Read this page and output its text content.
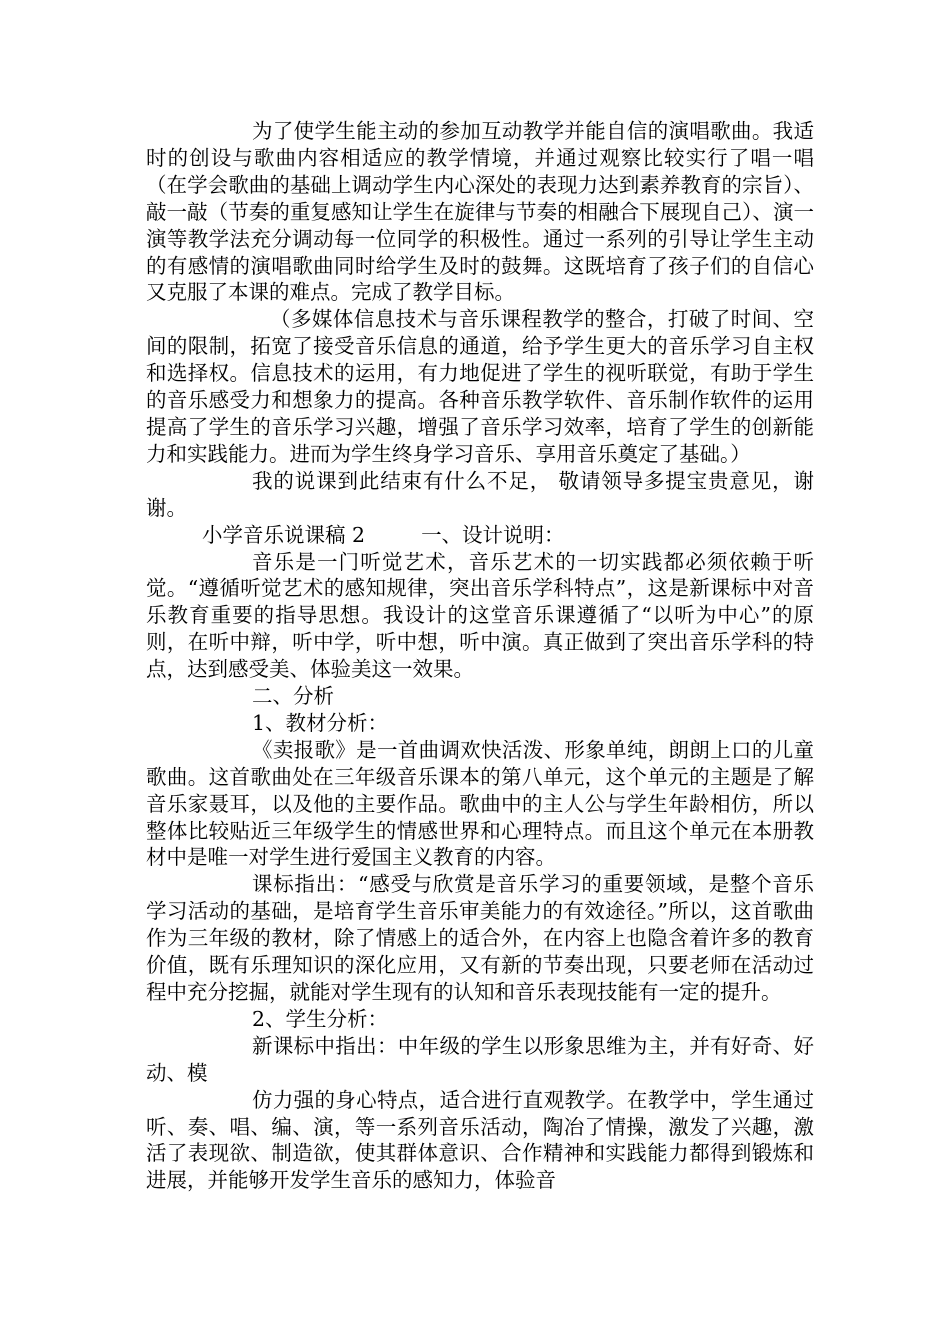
为了使学生能主动的参加互动教学并能自信的演唱歌曲。我适时的创设与歌曲内容相适应的教学情境，并通过观察比较实行了唱一唱（在学会歌曲的基础上调动学生内心深处的表现力达到素养教育的宗旨）、敲一敲（节奏的重复感知让学生在旋律与节奏的相融合下展现自己）、演一演等教学法充分调动每一位同学的积极性。通过一系列的引导让学生主动的有感情的演唱歌曲同时给学生及时的鼓舞。这既培育了孩子们的自信心又克服了本课的难点。完成了教学目标。

（多媒体信息技术与音乐课程教学的整合，打破了时间、空间的限制，拓宽了接受音乐信息的通道，给予学生更大的音乐学习自主权和选择权。信息技术的运用，有力地促进了学生的视听联觉，有助于学生的音乐感受力和想象力的提高。各种音乐教学软件、音乐制作软件的运用提高了学生的音乐学习兴趣，增强了音乐学习效率，培育了学生的创新能力和实践能力。进而为学生终身学习音乐、享用音乐奠定了基础。）

我的说课到此结束有什么不足， 敬请领导多提宝贵意见，谢谢。

小学音乐说课稿 2	一、设计说明：

音乐是一门听觉艺术，音乐艺术的一切实践都必须依赖于听觉。“遵循听觉艺术的感知规律，突出音乐学科特点”，这是新课标中对音乐教育重要的指导思想。我设计的这堂音乐课遵循了“以听为中心”的原则，在听中辩，听中学，听中想，听中演。真正做到了突出音乐学科的特点，达到感受美、体验美这一效果。

二、分析

1、教材分析：

《卖报歌》是一首曲调欢快活泼、形象单纯，朗朗上口的儿童歌曲。这首歌曲处在三年级音乐课本的第八单元，这个单元的主题是了解音乐家聂耳，以及他的主要作品。歌曲中的主人公与学生年龄相仿，所以整体比较贴近三年级学生的情感世界和心理特点。而且这个单元在本册教材中是唯一对学生进行爱国主义教育的内容。

课标指出：“感受与欣赏是音乐学习的重要领域，是整个音乐学习活动的基础，是培育学生音乐审美能力的有效途径。”所以，这首歌曲作为三年级的教材，除了情感上的适合外，在内容上也隐含着许多的教育价值，既有乐理知识的深化应用，又有新的节奏出现，只要老师在活动过程中充分挖掘，就能对学生现有的认知和音乐表现技能有一定的提升。

2、学生分析：

新课标中指出：中年级的学生以形象思维为主，并有好奇、好动、模

仿力强的身心特点，适合进行直观教学。在教学中，学生通过听、奏、唱、编、演，等一系列音乐活动，陶冶了情操，激发了兴趣，激活了表现欲、制造欲，使其群体意识、合作精神和实践能力都得到锻炼和进展，并能够开发学生音乐的感知力，体验音
